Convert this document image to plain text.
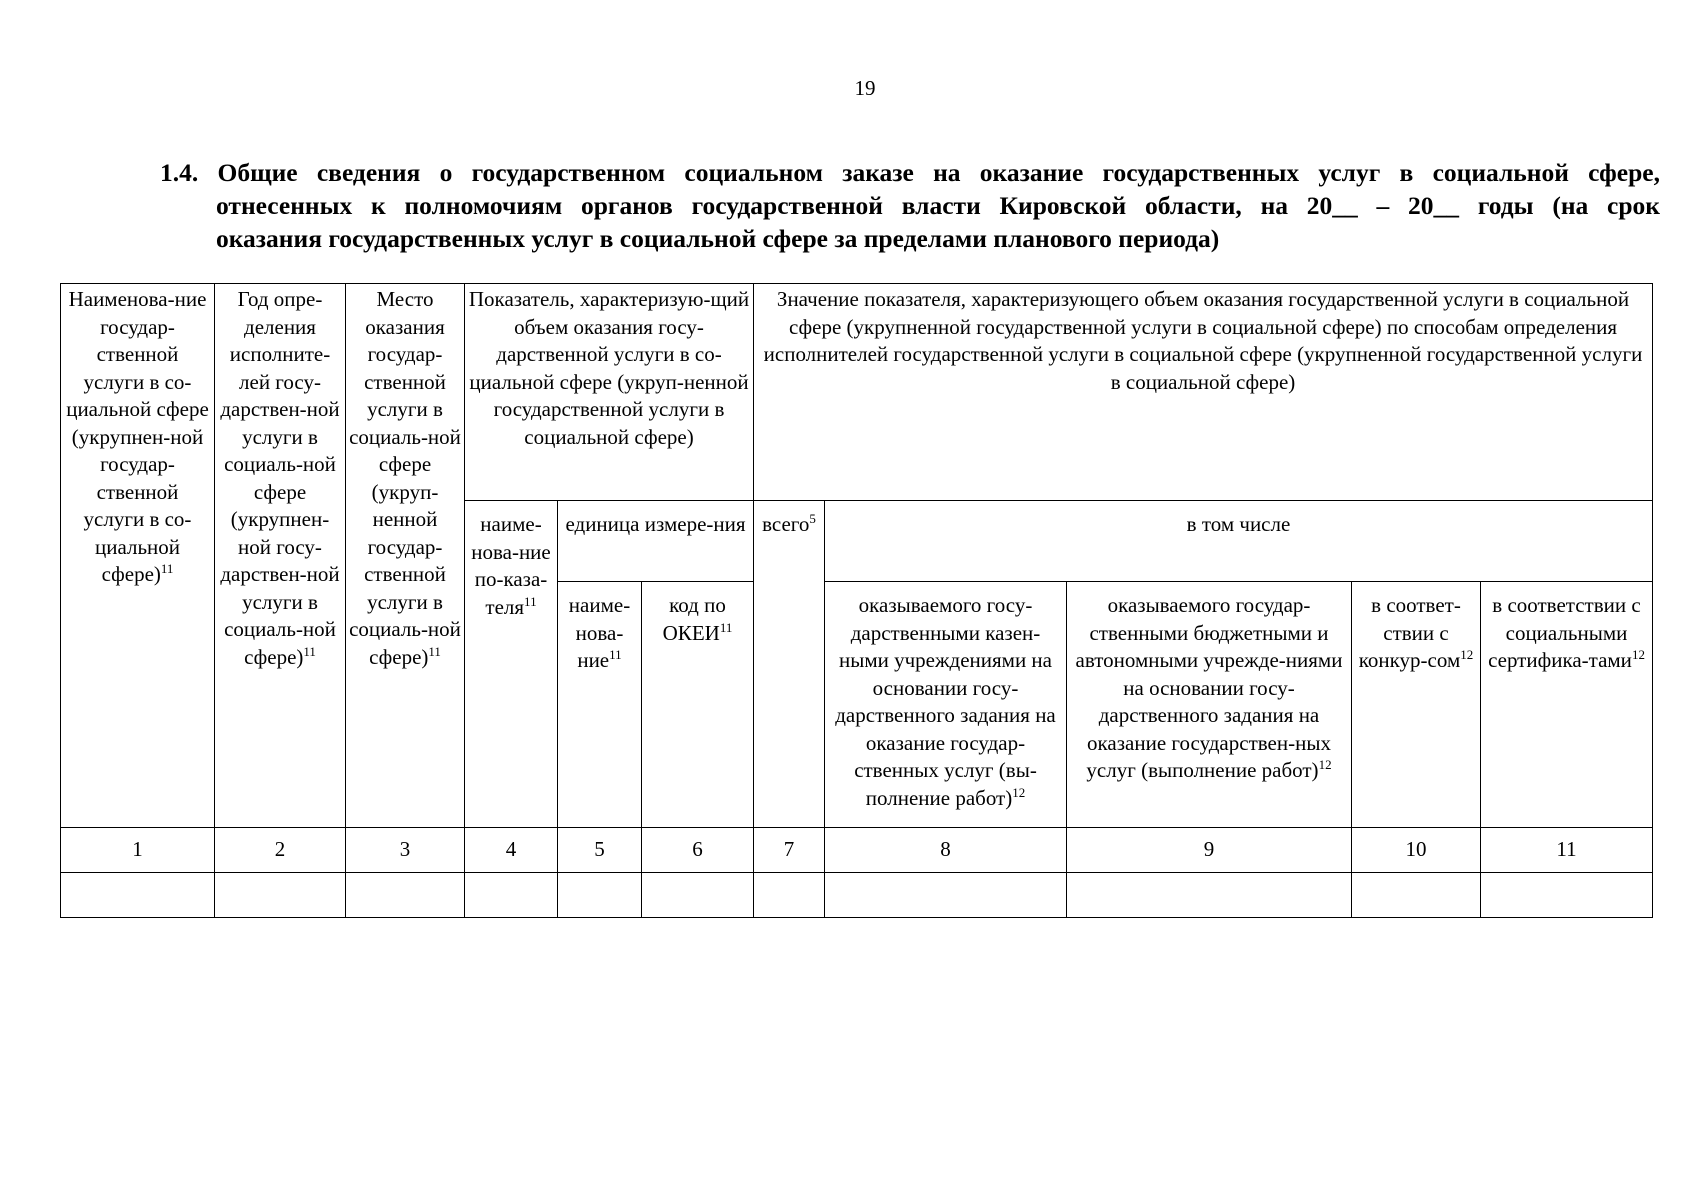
19
1.4. Общие сведения о государственном социальном заказе на оказание государственных услуг в социальной сфере,
отнесенных к полномочиям органов государственной власти Кировской области, на 20__ – 20__ годы (на срок
оказания государственных услуг в социальной сфере за пределами планового периода)
Наименова-ние государ-ственной услуги в со-циальной сфере (укрупнен-ной государ-ственной услуги в со-циальной сфере)$^{11}$	Год опре-деления исполните-лей госу-дарствен-ной услуги в социаль-ной сфере (укрупнен-ной госу-дарствен-ной услуги в социаль-ной сфере)$^{11}$	Место оказания государ-ственной услуги в социаль-ной сфере (укруп-ненной государ-ственной услуги в социаль-ной сфере)$^{11}$	Показатель, характеризую-щий объем оказания госу-дарственной услуги в со-циальной сфере (укруп-ненной государственной услуги в социальной сфере)			Значение показателя, характеризующего объем оказания государственной услуги в социальной сфере (укрупненной государственной услуги в социальной сфере) по способам определения исполнителей государственной услуги в социальной сфере (укрупненной государственной услуги в социальной сфере)				
			наиме-нова-ние по-каза-теля$^{11}$	единица измере-ния		всего$^5$	в том числе			
				наиме-нова-ние$^{11}$	код по ОКЕИ$^{11}$		оказываемого госу-дарственными казен-ными учреждениями на основании госу-дарственного задания на оказание государ-ственных услуг (вы-полнение работ)$^{12}$	оказываемого государ-ственными бюджетными и автономными учрежде-ниями на основании госу-дарственного задания на оказание государствен-ных услуг (выполнение работ)$^{12}$	в соответ-ствии с конкур-сом$^{12}$	в соответствии с социальными сертифика-тами$^{12}$
1	2	3	4	5	6	7	8	9	10	11
